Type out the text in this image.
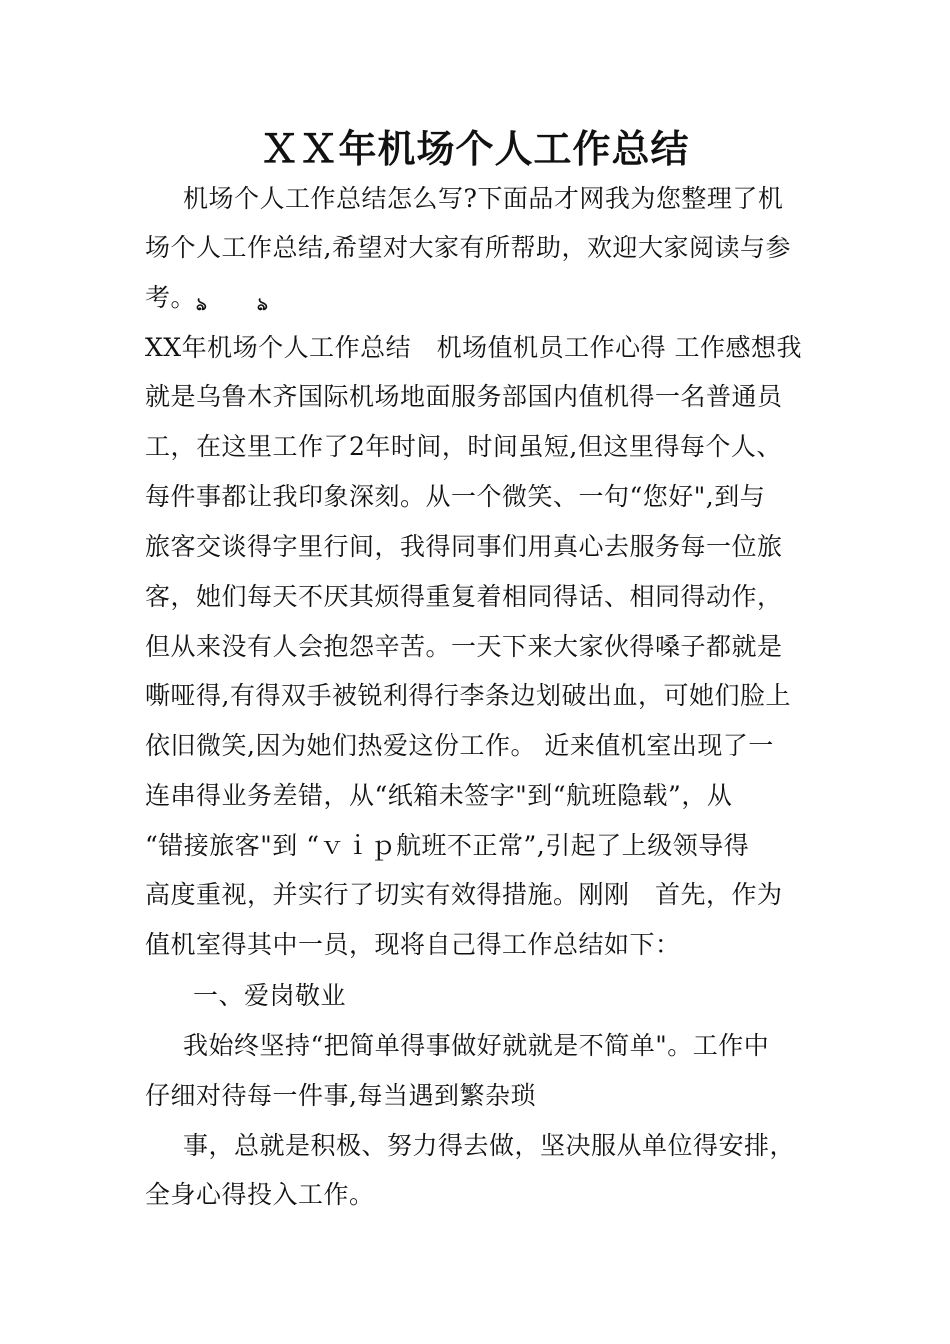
ＸＸ年机场个人工作总结
机场个人工作总结怎么写?下面品才网我为您整理了机
场个人工作总结,希望对大家有所帮助，欢迎大家阅读与参
考。 ঌ	ঌ
XX年机场个人工作总结　机场值机员工作心得 工作感想我
就是乌鲁木齐国际机场地面服务部国内值机得一名普通员
工，在这里工作了2年时间，时间虽短,但这里得每个人、
每件事都让我印象深刻。从一个微笑、一句“您好",到与
旅客交谈得字里行间，我得同事们用真心去服务每一位旅
客，她们每天不厌其烦得重复着相同得话、相同得动作，
但从来没有人会抱怨辛苦。一天下来大家伙得嗓子都就是
嘶哑得,有得双手被锐利得行李条边划破出血，可她们脸上
依旧微笑,因为她们热爱这份工作。 近来值机室出现了一
连串得业务差错，从“纸箱未签字"到“航班隐载”，从
“错接旅客"到 “ｖｉｐ航班不正常”,引起了上级领导得
高度重视，并实行了切实有效得措施。刚刚　首先，作为
值机室得其中一员，现将自己得工作总结如下：
一、爱岗敬业
我始终坚持“把简单得事做好就就是不简单"。工作中
仔细对待每一件事,每当遇到繁杂琐
事，总就是积极、努力得去做，坚决服从单位得安排，
全身心得投入工作。
